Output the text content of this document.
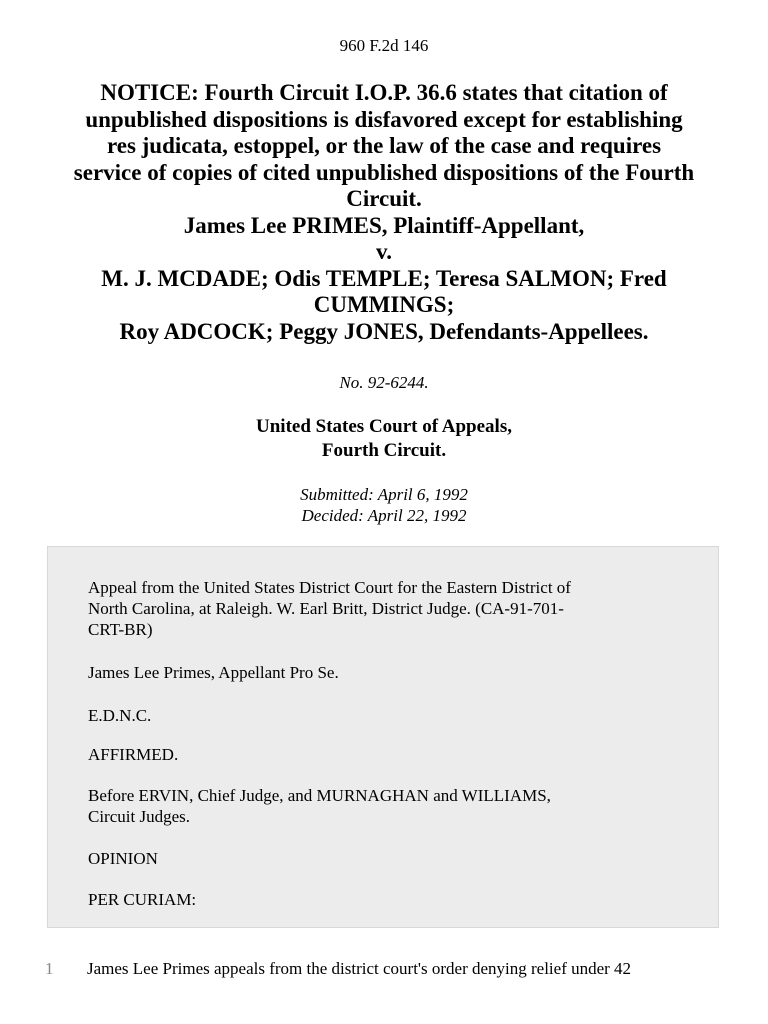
960 F.2d 146
NOTICE: Fourth Circuit I.O.P. 36.6 states that citation of
unpublished dispositions is disfavored except for establishing
res judicata, estoppel, or the law of the case and requires
service of copies of cited unpublished dispositions of the Fourth
Circuit.
James Lee PRIMES, Plaintiff-Appellant,
v.
M. J. MCDADE; Odis TEMPLE; Teresa SALMON; Fred
CUMMINGS;
Roy ADCOCK; Peggy JONES, Defendants-Appellees.
No. 92-6244.
United States Court of Appeals,
Fourth Circuit.
Submitted: April 6, 1992
Decided: April 22, 1992
Appeal from the United States District Court for the Eastern District of
North Carolina, at Raleigh. W. Earl Britt, District Judge. (CA-91-701-
CRT-BR)
James Lee Primes, Appellant Pro Se.
E.D.N.C.
AFFIRMED.
Before ERVIN, Chief Judge, and MURNAGHAN and WILLIAMS,
Circuit Judges.
OPINION
PER CURIAM:
1 James Lee Primes appeals from the district court's order denying relief under 42
